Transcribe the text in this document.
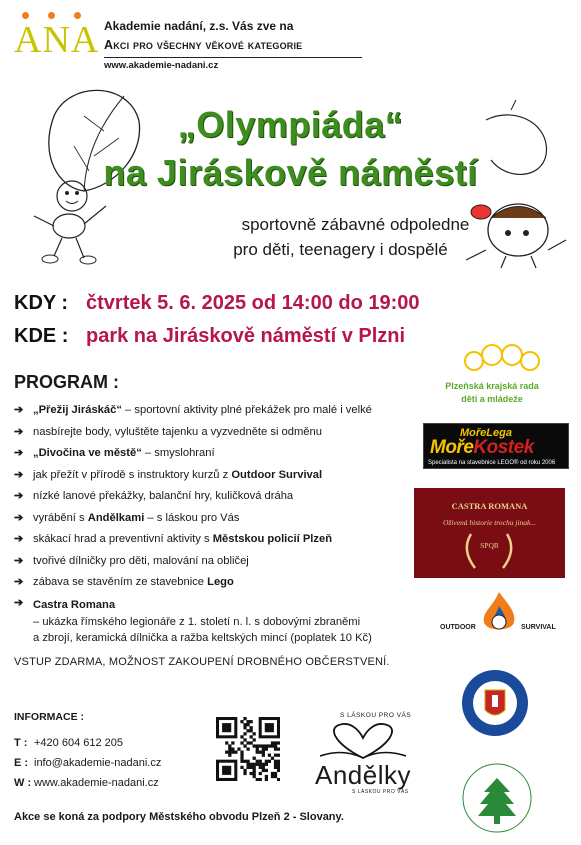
ANA Akademie nadání, z.s. Vás zve na
Akci pro všechny věkové kategorie
www.akademie-nadani.cz
„Olympiáda“
na Jiráskově náměstí
sportovně zábavné odpoledne
pro děti, teenagery i dospělé
KDY : čtvrtek 5. 6. 2025 od 14:00 do 19:00
KDE : park na Jiráskově náměstí v Plzni
PROGRAM :
➔ „Přežij Jiráskáč“ – sportovní aktivity plné překážek pro malé i velké
➔ nasbírejte body, vyluštěte tajenku a vyzvedněte si odměnu
➔ „Divočina ve městě“ – smyslohraní
➔ jak přežít v přírodě s instruktory kurzů z Outdoor Survival
➔ nízké lanové překážky, balanční hry, kuličková dráha
➔ vyrábění s Andělkami – s láskou pro Vás
➔ skákací hrad a preventivní aktivity s Městskou policií Plzeň
➔ tvořivé dílničky pro děti, malování na obličej
➔ zábava se stavěním ze stavebnice Lego
➔ Castra Romana
– ukázka římského legionáře z 1. století n. l. s dobovými zbraněmi
a zbrojí, keramická dílnička a ražba keltských mincí (poplatek 10 Kč)
VSTUP ZDARMA, MOŽNOST ZAKOUPENÍ DROBNÉHO OBČERSTVENÍ.
INFORMACE :
T : +420 604 612 205
E : info@akademie-nadani.cz
W : www.akademie-nadani.cz
Akce se koná za podpory Městského obvodu Plzeň 2 - Slovany.
Plzeňská krajská rada
dětí a mládeže
MořeLega
MořeKostek
Specialista na stavebnice LEGO® od roku 2006
CASTRA ROMANA
Oživená historie trochu jinak...
SPQR
OUTDOOR	SURVIVAL
S LÁSKOU PRO VÁS
Andělky
S LÁSKOU PRO VÁS
